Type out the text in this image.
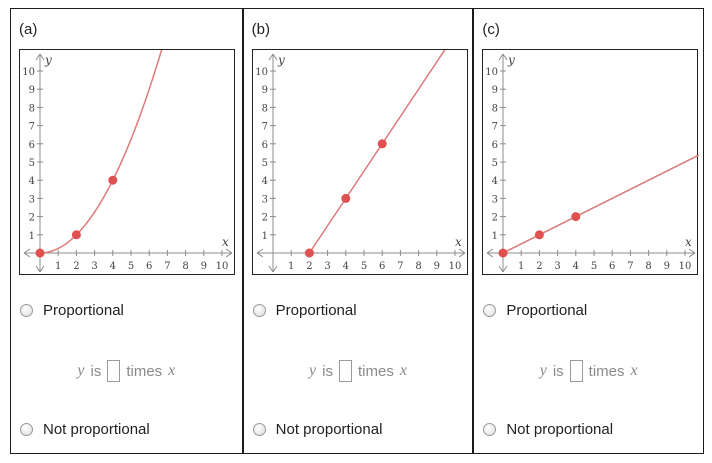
(a)
1 2 3 4 5 6 7 8 9 10
1
2
3
4
5
6
7
8
9
10
x
y
Proportional
y is times x
Not proportional
(b)
1 2 3 4 5 6 7 8 9 10
1
2
3
4
5
6
7
8
9
10
x
y
Proportional
y is times x
Not proportional
(c)
1 2 3 4 5 6 7 8 9 10
1
2
3
4
5
6
7
8
9
10
x
y
Proportional
y is times x
Not proportional
